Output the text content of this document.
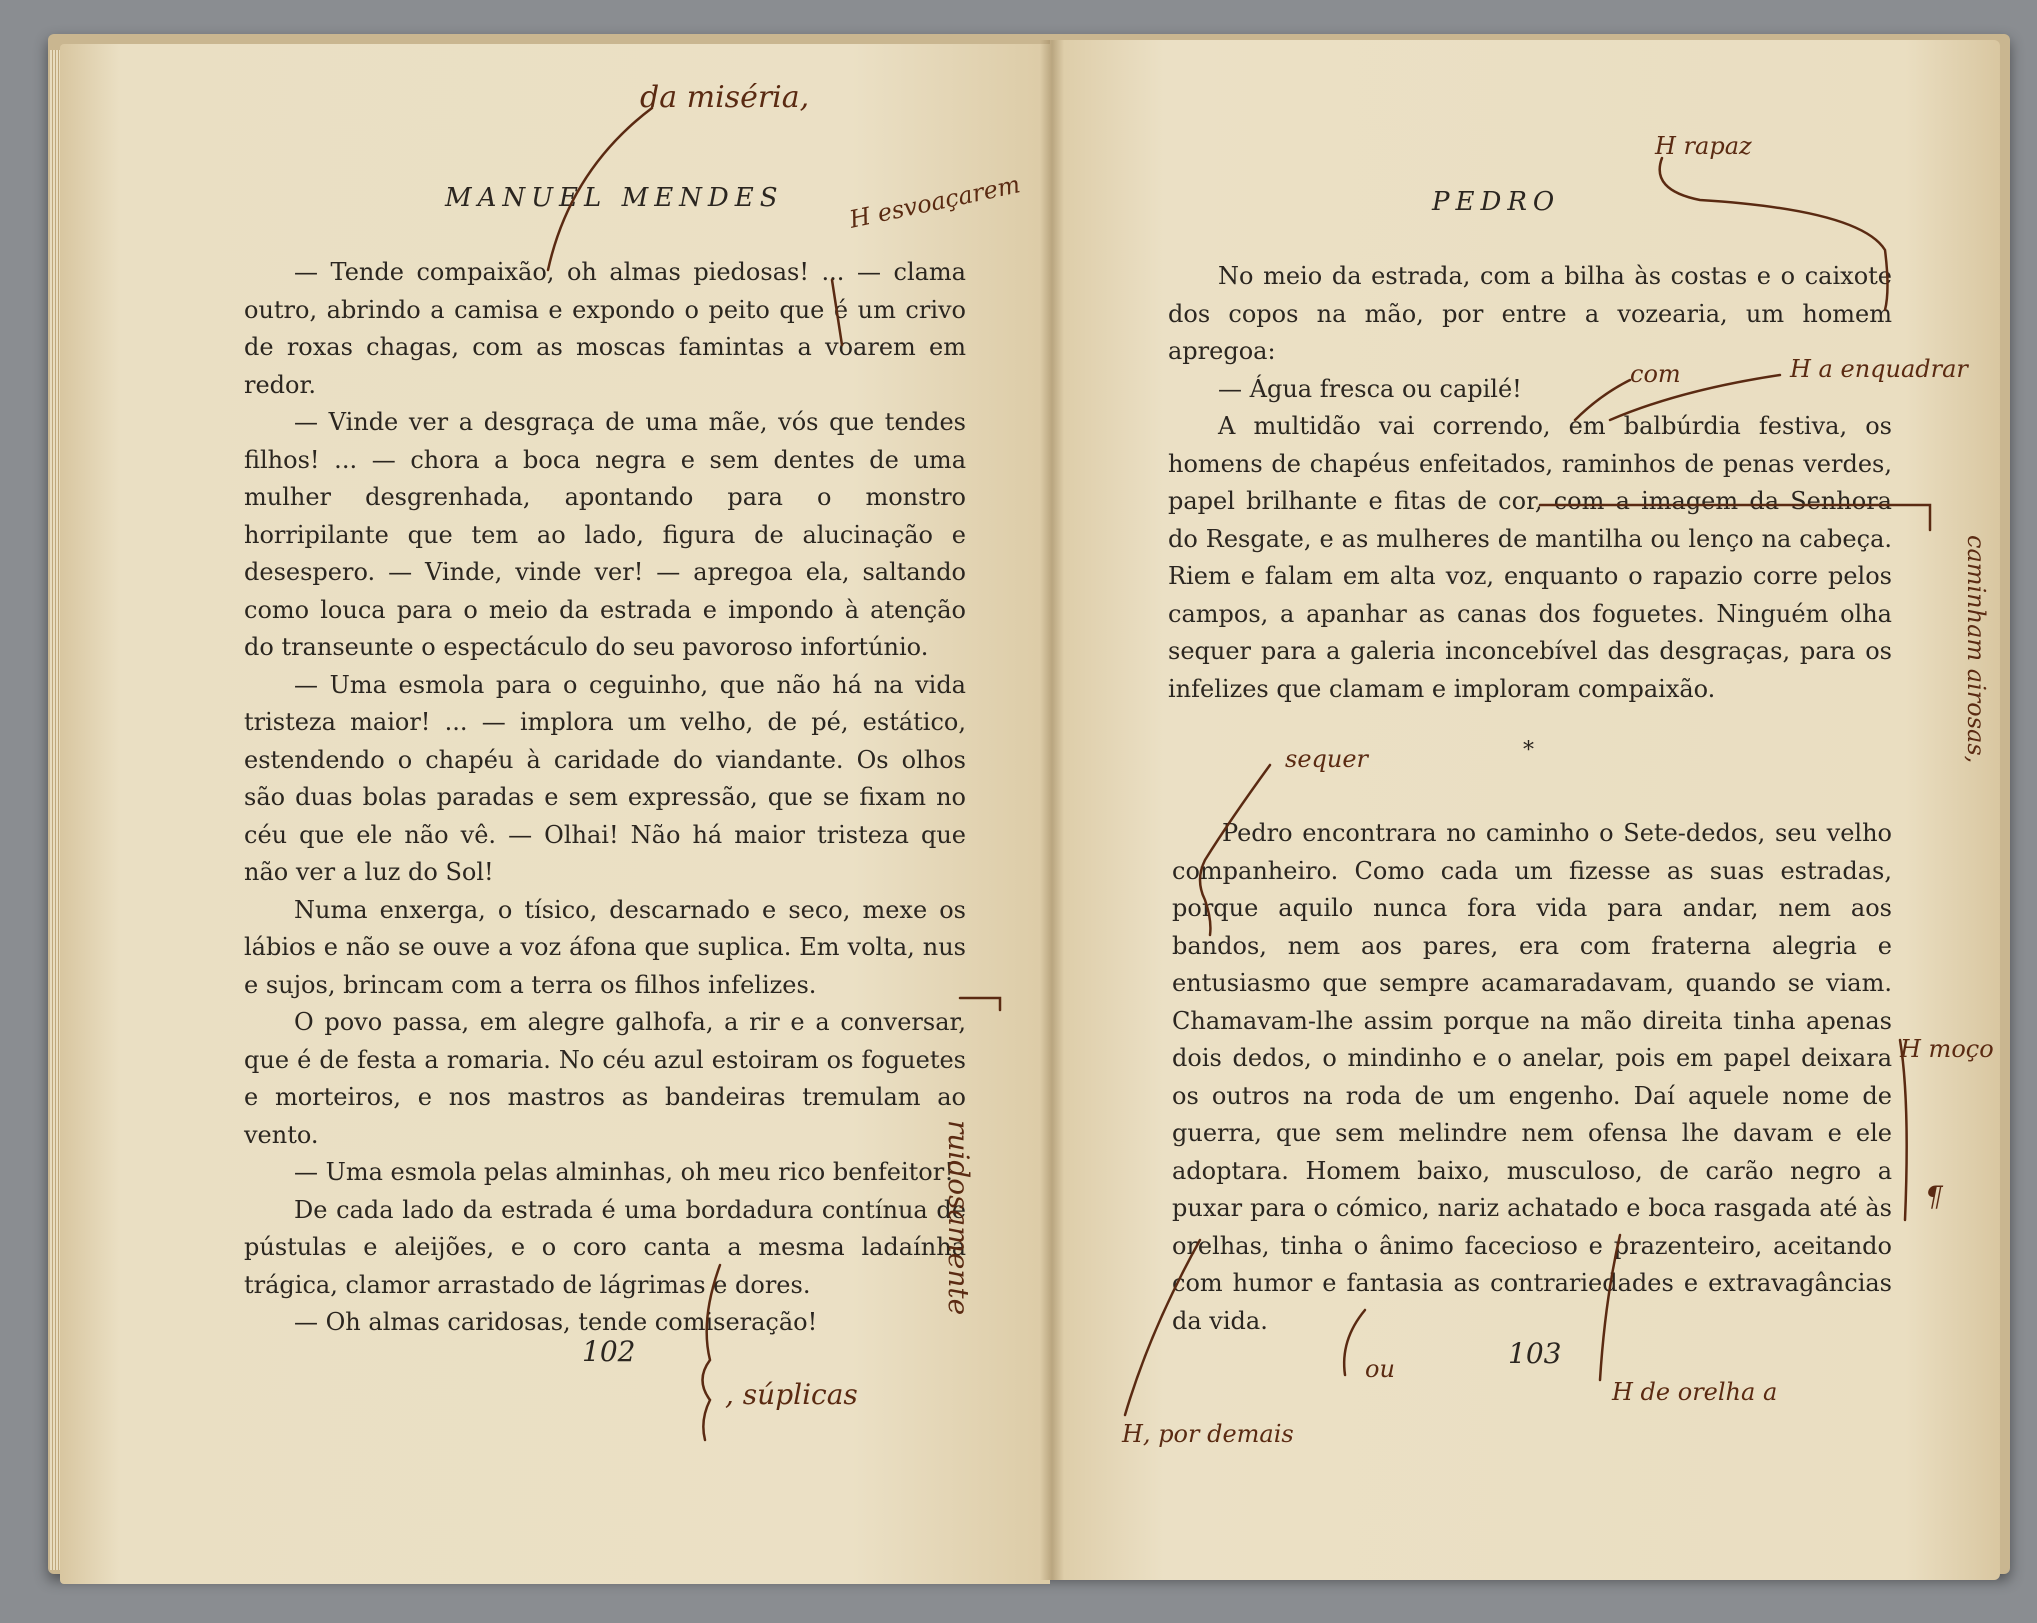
MANUEL MENDES

— Tende compaixão, oh almas piedosas! ... — clama outro, abrindo a camisa e expondo o peito que é um crivo de roxas chagas, com as moscas famintas a voarem em redor.

— Vinde ver a desgraça de uma mãe, vós que tendes filhos! ... — chora a boca negra e sem dentes de uma mulher desgrenhada, apontando para o monstro horripilante que tem ao lado, figura de alucinação e desespero. — Vinde, vinde ver! — apregoa ela, saltando como louca para o meio da estrada e impondo à atenção do transeunte o espectáculo do seu pavoroso infortúnio.

— Uma esmola para o ceguinho, que não há na vida tristeza maior! ... — implora um velho, de pé, estático, estendendo o chapéu à caridade do viandante. Os olhos são duas bolas paradas e sem expressão, que se fixam no céu que ele não vê. — Olhai! Não há maior tristeza que não ver a luz do Sol!

Numa enxerga, o tísico, descarnado e seco, mexe os lábios e não se ouve a voz áfona que suplica. Em volta, nus e sujos, brincam com a terra os filhos infelizes.

O povo passa, em alegre galhofa, a rir e a conversar, que é de festa a romaria. No céu azul estoiram os foguetes e morteiros, e nos mastros as bandeiras tremulam ao vento.

— Uma esmola pelas alminhas, oh meu rico benfeitor!

De cada lado da estrada é uma bordadura contínua de pústulas e aleijões, e o coro canta a mesma ladaínha trágica, clamor arrastado de lágrimas e dores.

— Oh almas caridosas, tende comiseração!

102
PEDRO

No meio da estrada, com a bilha às costas e o caixote dos copos na mão, por entre a vozearia, um homem apregoa:

— Água fresca ou capilé!

A multidão vai correndo, em balbúrdia festiva, os homens de chapéus enfeitados, raminhos de penas verdes, papel brilhante e fitas de cor, com a imagem da Senhora do Resgate, e as mulheres de mantilha ou lenço na cabeça. Riem e falam em alta voz, enquanto o rapazio corre pelos campos, a apanhar as canas dos foguetes. Ninguém olha sequer para a galeria inconcebível das desgraças, para os infelizes que clamam e imploram compaixão.

*

Pedro encontrara no caminho o Sete-dedos, seu velho companheiro. Como cada um fizesse as suas estradas, porque aquilo nunca fora vida para andar, nem aos bandos, nem aos pares, era com fraterna alegria e entusiasmo que sempre acamaradavam, quando se viam. Chamavam-lhe assim porque na mão direita tinha apenas dois dedos, o mindinho e o anelar, pois em papel deixara os outros na roda de um engenho. Daí aquele nome de guerra, que sem melindre nem ofensa lhe davam e ele adoptara. Homem baixo, musculoso, de carão negro a puxar para o cómico, nariz achatado e boca rasgada até às orelhas, tinha o ânimo facecioso e prazenteiro, aceitando com humor e fantasia as contrariedades e extravagâncias da vida.

103
da miséria,
H esvoaçarem
ruidosamente
, súplicas
H rapaz
com	H a enquadrar
caminham airosas,
sequer
H moço
¶
ou
H de orelha a
H, por demais
